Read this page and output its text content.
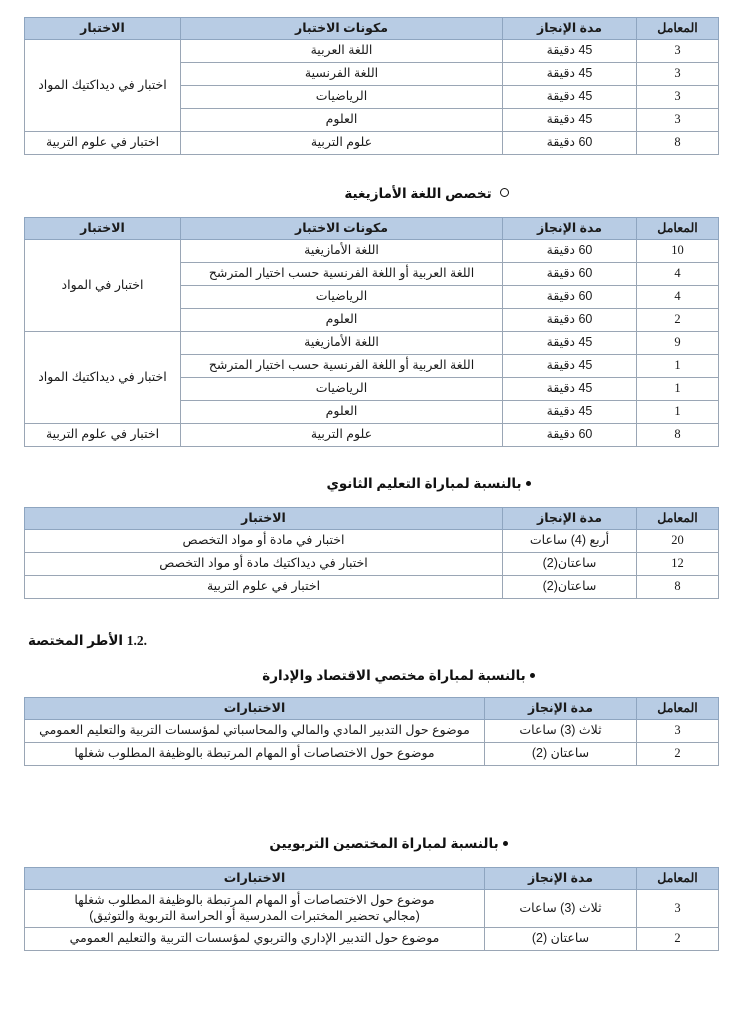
المعامل	مدة الإنجاز	مكونات الاختبار	الاختبار
3	45 دقيقة	اللغة العربية	اختبار في ديداكتيك المواد
3	45 دقيقة	اللغة الفرنسية	
3	45 دقيقة	الرياضيات	
3	45 دقيقة	العلوم	
8	60 دقيقة	علوم التربية	اختبار في علوم التربية
تخصص اللغة الأمازيغية
المعامل	مدة الإنجاز	مكونات الاختبار	الاختبار
10	60 دقيقة	اللغة الأمازيغية	اختبار في المواد
4	60 دقيقة	اللغة العربية أو اللغة الفرنسية حسب اختيار المترشح	
4	60 دقيقة	الرياضيات	
2	60 دقيقة	العلوم	
9	45 دقيقة	اللغة الأمازيغية	اختبار في ديداكتيك المواد
1	45 دقيقة	اللغة العربية أو اللغة الفرنسية حسب اختيار المترشح	
1	45 دقيقة	الرياضيات	
1	45 دقيقة	العلوم	
8	60 دقيقة	علوم التربية	اختبار في علوم التربية
بالنسبة لمباراة التعليم الثانوي
المعامل	مدة الإنجاز	الاختبار
20	أربع (4) ساعات	اختبار في مادة أو مواد التخصص
12	ساعتان(2)	اختبار في ديداكتيك مادة أو مواد التخصص
8	ساعتان(2)	اختبار في علوم التربية
1.2. الأطر المختصة
بالنسبة لمباراة مختصي الاقتصاد والإدارة
المعامل	مدة الإنجاز	الاختبارات
3	ثلاث (3) ساعات	موضوع حول التدبير المادي والمالي والمحاسباتي لمؤسسات التربية والتعليم العمومي
2	ساعتان (2)	موضوع حول الاختصاصات أو المهام المرتبطة بالوظيفة المطلوب شغلها
بالنسبة لمباراة المختصين التربويين
المعامل	مدة الإنجاز	الاختبارات
3	ثلاث (3) ساعات	موضوع حول الاختصاصات أو المهام المرتبطة بالوظيفة المطلوب شغلها
(مجالي تحضير المختبرات المدرسية أو الحراسة التربوية والتوثيق)

2	ساعتان (2)	موضوع حول التدبير الإداري والتربوي لمؤسسات التربية والتعليم العمومي
